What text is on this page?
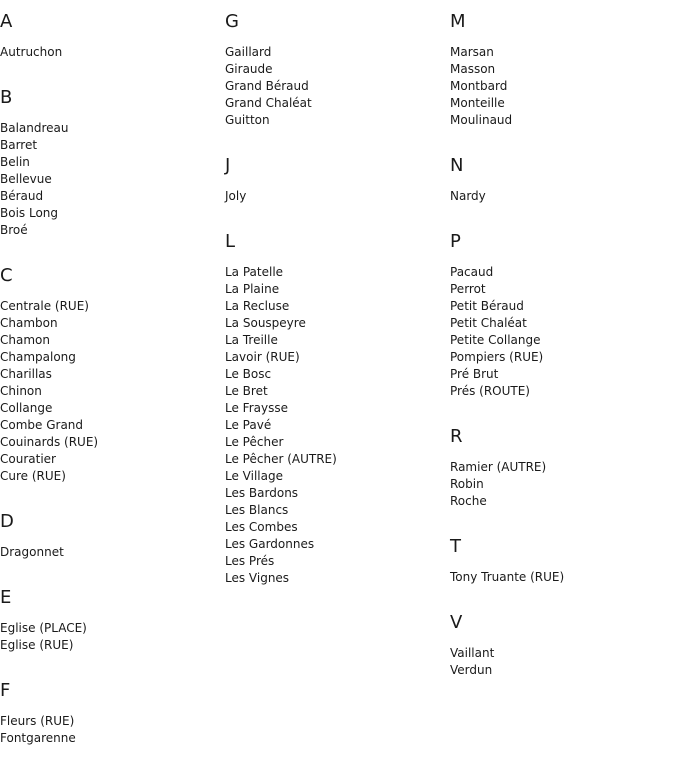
A
Autruchon
B
Balandreau
Barret
Belin
Bellevue
Béraud
Bois Long
Broé
C
Centrale (RUE)
Chambon
Chamon
Champalong
Charillas
Chinon
Collange
Combe Grand
Couinards (RUE)
Couratier
Cure (RUE)
D
Dragonnet
E
Eglise (PLACE)
Eglise (RUE)
F
Fleurs (RUE)
Fontgarenne
G
Gaillard
Giraude
Grand Béraud
Grand Chaléat
Guitton
J
Joly
L
La Patelle
La Plaine
La Recluse
La Souspeyre
La Treille
Lavoir (RUE)
Le Bosc
Le Bret
Le Fraysse
Le Pavé
Le Pêcher
Le Pêcher (AUTRE)
Le Village
Les Bardons
Les Blancs
Les Combes
Les Gardonnes
Les Prés
Les Vignes
M
Marsan
Masson
Montbard
Monteille
Moulinaud
N
Nardy
P
Pacaud
Perrot
Petit Béraud
Petit Chaléat
Petite Collange
Pompiers (RUE)
Pré Brut
Prés (ROUTE)
R
Ramier (AUTRE)
Robin
Roche
T
Tony Truante (RUE)
V
Vaillant
Verdun
